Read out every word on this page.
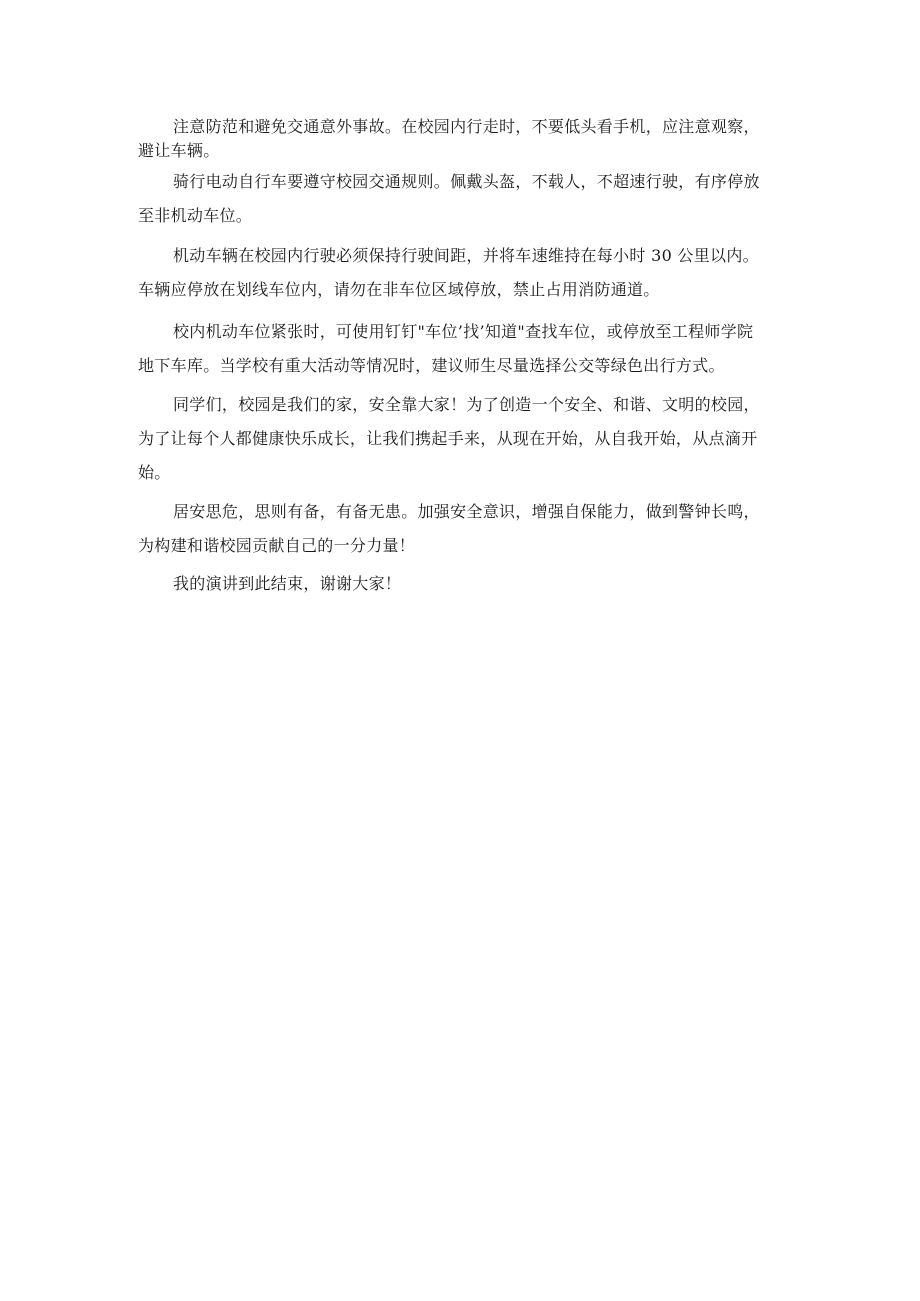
注意防范和避免交通意外事故。在校园内行走时，不要低头看手机，应注意观察，
避让车辆。
骑行电动自行车要遵守校园交通规则。佩戴头盔，不载人，不超速行驶，有序停放
至非机动车位。
机动车辆在校园内行驶必须保持行驶间距，并将车速维持在每小时 30 公里以内。
车辆应停放在划线车位内，请勿在非车位区域停放，禁止占用消防通道。
校内机动车位紧张时，可使用钉钉"车位’找’知道"查找车位，或停放至工程师学院
地下车库。当学校有重大活动等情况时，建议师生尽量选择公交等绿色出行方式。
同学们，校园是我们的家，安全靠大家！为了创造一个安全、和谐、文明的校园，
为了让每个人都健康快乐成长，让我们携起手来，从现在开始，从自我开始，从点滴开
始。
居安思危，思则有备，有备无患。加强安全意识，增强自保能力，做到警钟长鸣，
为构建和谐校园贡献自己的一分力量！
我的演讲到此结束，谢谢大家！
